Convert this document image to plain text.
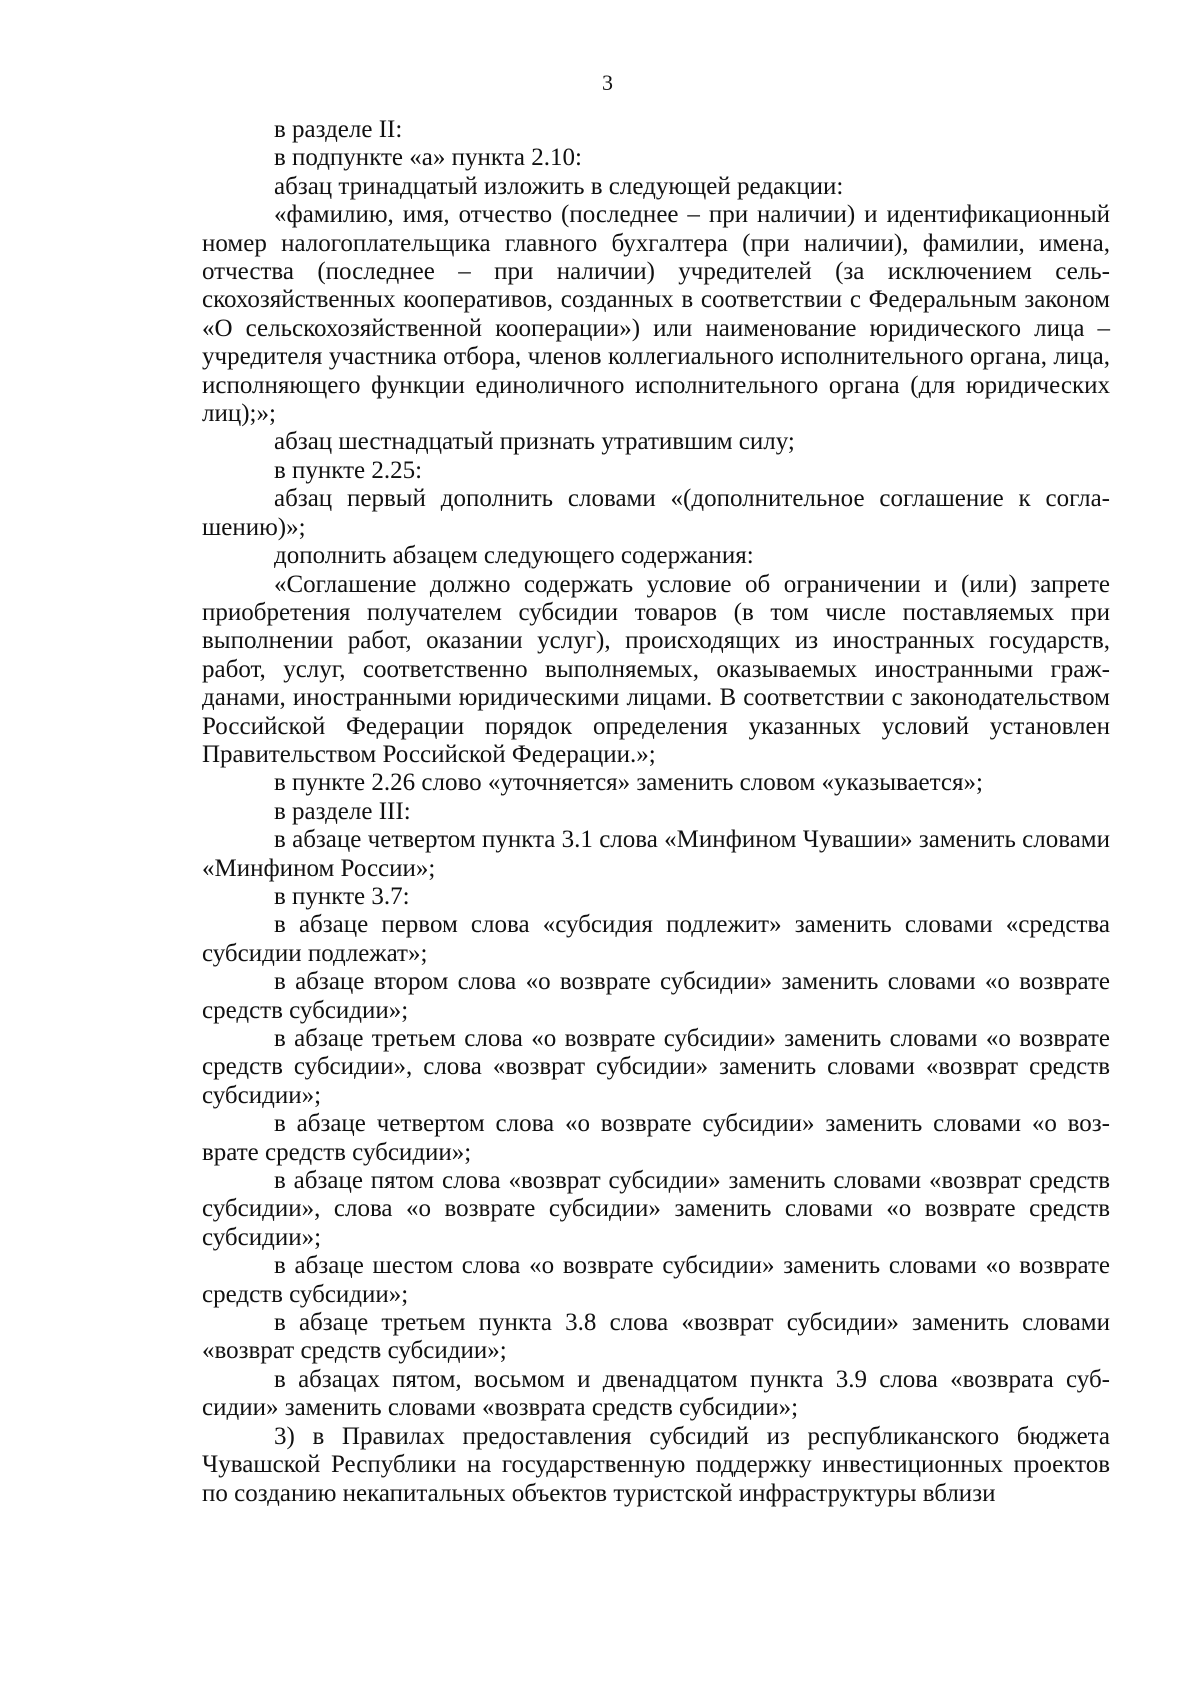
3

в разделе II:

в подпункте «а» пункта 2.10:

абзац тринадцатый изложить в следующей редакции:

«фамилию, имя, отчество (последнее – при наличии) и идентификационный номер налогоплательщика главного бухгалтера (при наличии), фамилии, имена, отчества (последнее – при наличии) учредителей (за исключением сельскохозяйственных кооперативов, созданных в соответствии с Федеральным законом «О сельскохозяйственной кооперации») или наименование юридического лица – учредителя участника отбора, членов коллегиального исполнительного органа, лица, исполняющего функции единоличного исполнительного органа (для юридических лиц);»;

абзац шестнадцатый признать утратившим силу;

в пункте 2.25:

абзац первый дополнить словами «(дополнительное соглашение к соглашению)»;

дополнить абзацем следующего содержания:

«Соглашение должно содержать условие об ограничении и (или) запрете приобретения получателем субсидии товаров (в том числе поставляемых при выполнении работ, оказании услуг), происходящих из иностранных государств, работ, услуг, соответственно выполняемых, оказываемых иностранными гражданами, иностранными юридическими лицами. В соответствии с законодательством Российской Федерации порядок определения указанных условий установлен Правительством Российской Федерации.»;

в пункте 2.26 слово «уточняется» заменить словом «указывается»;

в разделе III:

в абзаце четвертом пункта 3.1 слова «Минфином Чувашии» заменить словами «Минфином России»;

в пункте 3.7:

в абзаце первом слова «субсидия подлежит» заменить словами «средства субсидии подлежат»;

в абзаце втором слова «о возврате субсидии» заменить словами «о возврате средств субсидии»;

в абзаце третьем слова «о возврате субсидии» заменить словами «о возврате средств субсидии», слова «возврат субсидии» заменить словами «возврат средств субсидии»;

в абзаце четвертом слова «о возврате субсидии» заменить словами «о возврате средств субсидии»;

в абзаце пятом слова «возврат субсидии» заменить словами «возврат средств субсидии», слова «о возврате субсидии» заменить словами «о возврате средств субсидии»;

в абзаце шестом слова «о возврате субсидии» заменить словами «о возврате средств субсидии»;

в абзаце третьем пункта 3.8 слова «возврат субсидии» заменить словами «возврат средств субсидии»;

в абзацах пятом, восьмом и двенадцатом пункта 3.9 слова «возврата субсидии» заменить словами «возврата средств субсидии»;

3) в Правилах предоставления субсидий из республиканского бюджета Чувашской Республики на государственную поддержку инвестиционных проектов по созданию некапитальных объектов туристской инфраструктуры вблизи
